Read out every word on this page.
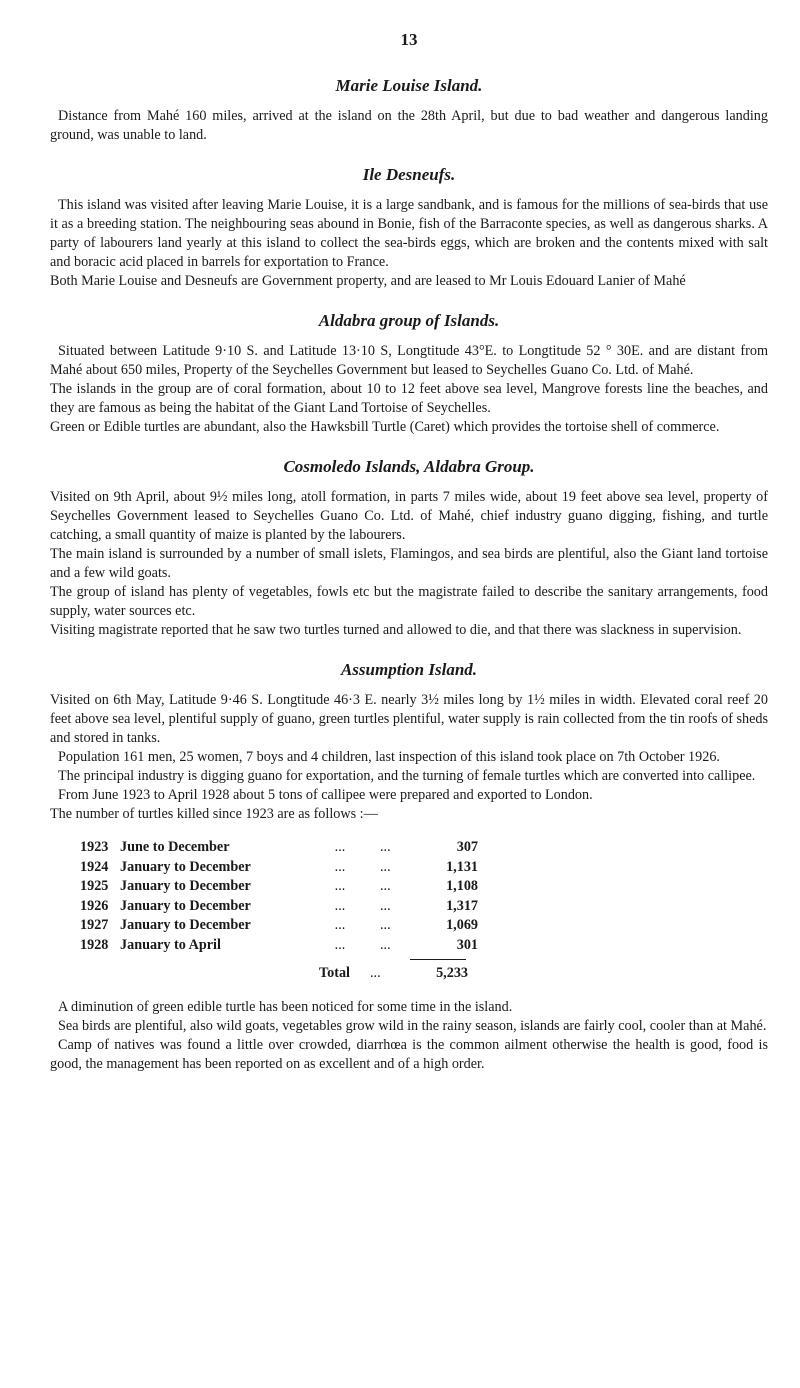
13
Marie Louise Island.

Distance from Mahé 160 miles, arrived at the island on the 28th April, but due to bad weather and dangerous landing ground, was unable to land.

Ile Desneufs.

This island was visited after leaving Marie Louise, it is a large sandbank, and is famous for the millions of sea-birds that use it as a breeding station. The neighbouring seas abound in Bonie, fish of the Barraconte species, as well as dangerous sharks. A party of labourers land yearly at this island to collect the sea-birds eggs, which are broken and the contents mixed with salt and boracic acid placed in barrels for exportation to France.

Both Marie Louise and Desneufs are Government property, and are leased to Mr Louis Edouard Lanier of Mahé

Aldabra group of Islands.

Situated between Latitude 9·10 S. and Latitude 13·10 S, Longtitude 43°E. to Longtitude 52 ° 30E. and are distant from Mahé about 650 miles, Property of the Seychelles Government but leased to Seychelles Guano Co. Ltd. of Mahé.

The islands in the group are of coral formation, about 10 to 12 feet above sea level, Mangrove forests line the beaches, and they are famous as being the habitat of the Giant Land Tortoise of Seychelles.

Green or Edible turtles are abundant, also the Hawksbill Turtle (Caret) which provides the tortoise shell of commerce.

Cosmoledo Islands, Aldabra Group.

Visited on 9th April, about 9½ miles long, atoll formation, in parts 7 miles wide, about 19 feet above sea level, property of Seychelles Government leased to Seychelles Guano Co. Ltd. of Mahé, chief industry guano digging, fishing, and turtle catching, a small quantity of maize is planted by the labourers.

The main island is surrounded by a number of small islets, Flamingos, and sea birds are plentiful, also the Giant land tortoise and a few wild goats.

The group of island has plenty of vegetables, fowls etc but the magistrate failed to describe the sanitary arrangements, food supply, water sources etc.

Visiting magistrate reported that he saw two turtles turned and allowed to die, and that there was slackness in supervision.

Assumption Island.

Visited on 6th May, Latitude 9·46 S. Longtitude 46·3 E. nearly 3½ miles long by 1½ miles in width. Elevated coral reef 20 feet above sea level, plentiful supply of guano, green turtles plentiful, water supply is rain collected from the tin roofs of sheds and stored in tanks.

Population 161 men, 25 women, 7 boys and 4 children, last inspection of this island took place on 7th October 1926.

The principal industry is digging guano for exportation, and the turning of female turtles which are converted into callipee.

From June 1923 to April 1928 about 5 tons of callipee were prepared and exported to London.

The number of turtles killed since 1923 are as follows :—

1923 June to December	...	...	307
1924 January to December	...	...	1,131
1925 January to December	...	...	1,108
1926 January to December	...	...	1,317
1927 January to December	...	...	1,069
1928 January to April	...	...	301
Total	...	5,233

A diminution of green edible turtle has been noticed for some time in the island.

Sea birds are plentiful, also wild goats, vegetables grow wild in the rainy season, islands are fairly cool, cooler than at Mahé.

Camp of natives was found a little over crowded, diarrhœa is the common ailment otherwise the health is good, food is good, the management has been reported on as excellent and of a high order.
